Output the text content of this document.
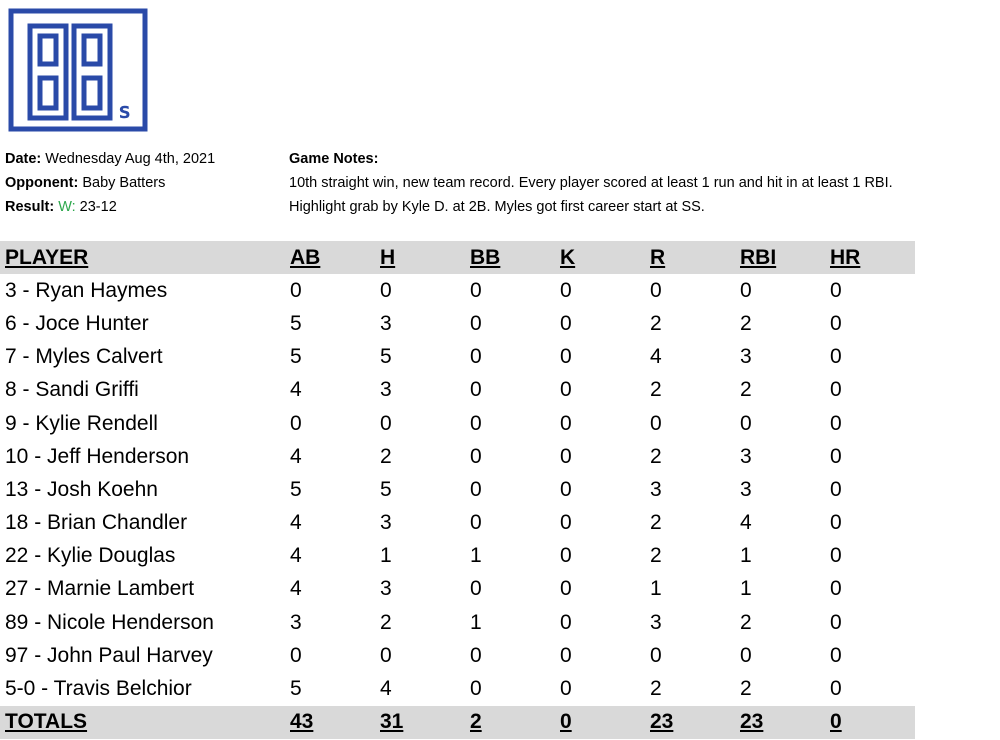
s
Date: Wednesday Aug 4th, 2021
Opponent: Baby Batters
Result: W: 23-12
Game Notes:
10th straight win, new team record. Every player scored at least 1 run and hit in at least 1 RBI.
Highlight grab by Kyle D. at 2B. Myles got first career start at SS.
PLAYER	AB	H	BB	K	R	RBI	HR
3 - Ryan Haymes	0	0	0	0	0	0	0
6 - Joce Hunter	5	3	0	0	2	2	0
7 - Myles Calvert	5	5	0	0	4	3	0
8 - Sandi Griffi	4	3	0	0	2	2	0
9 - Kylie Rendell	0	0	0	0	0	0	0
10 - Jeff Henderson	4	2	0	0	2	3	0
13 - Josh Koehn	5	5	0	0	3	3	0
18 - Brian Chandler	4	3	0	0	2	4	0
22 - Kylie Douglas	4	1	1	0	2	1	0
27 - Marnie Lambert	4	3	0	0	1	1	0
89 - Nicole Henderson	3	2	1	0	3	2	0
97 - John Paul Harvey	0	0	0	0	0	0	0
5-0 - Travis Belchior	5	4	0	0	2	2	0
TOTALS	43	31	2	0	23	23	0
